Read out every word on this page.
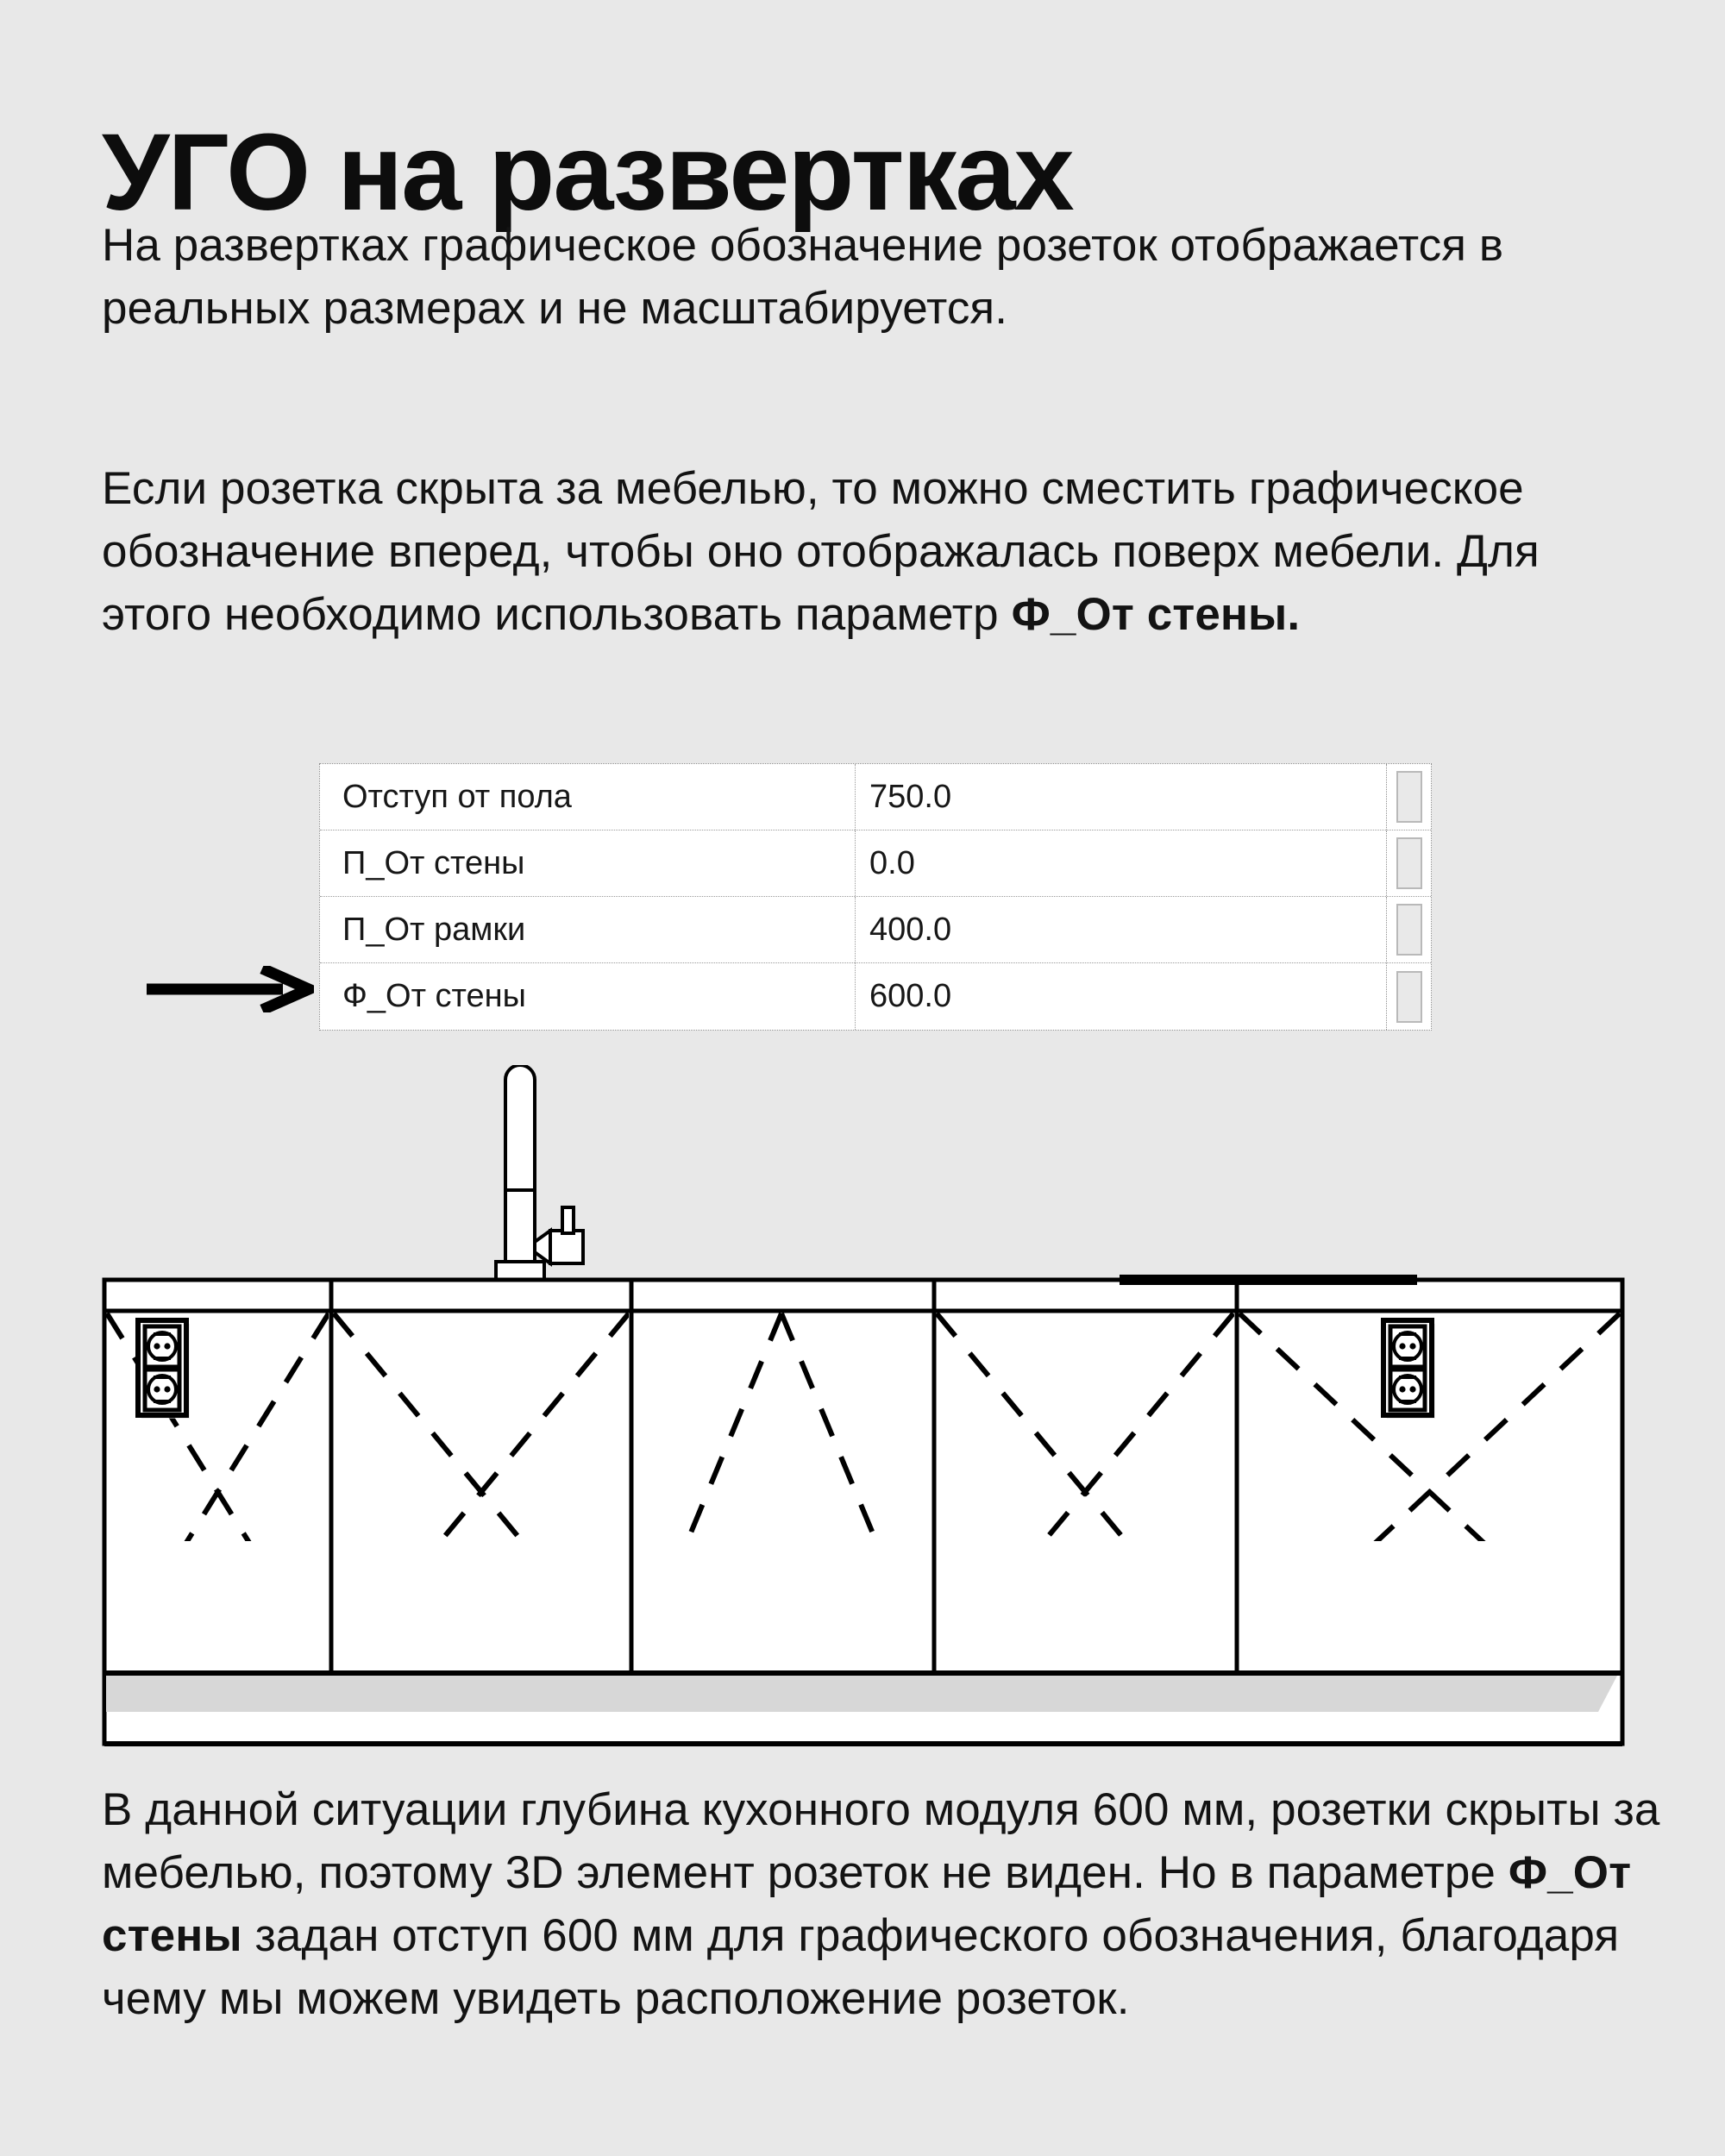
УГО на развертках
На развертках графическое обозначение розеток отображается в реальных размерах и не масштабируется.
Если розетка скрыта за мебелью, то можно сместить графическое обозначение вперед, чтобы оно отображалась поверх мебели. Для этого необходимо использовать параметр Ф_От стены.
Отступ от пола	750.0
П_От стены	0.0
П_От рамки	400.0
Ф_От стены	600.0
В данной ситуации глубина кухонного модуля 600 мм, розетки скрыты за мебелью, поэтому 3D элемент розеток не виден. Но в параметре Ф_От стены задан отступ 600 мм для графического обозначения, благодаря чему мы можем увидеть расположение розеток.
